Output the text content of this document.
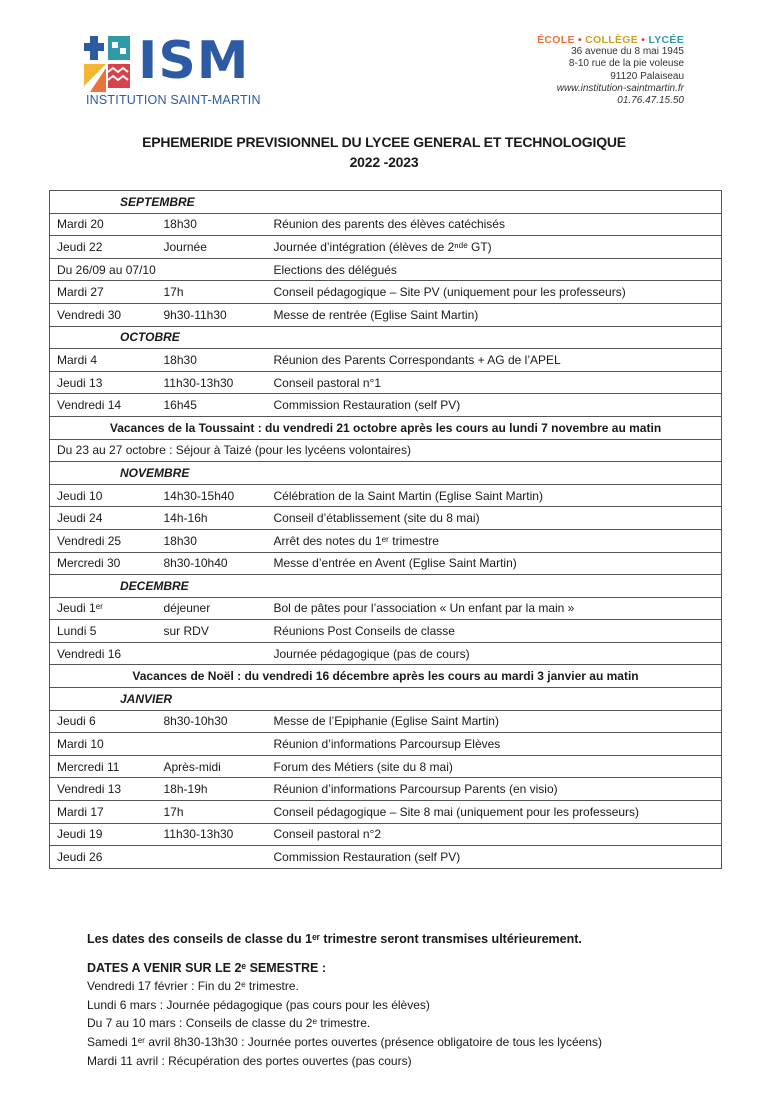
ISM
INSTITUTION SAINT-MARTIN
ÉCOLE • COLLÈGE • LYCÉE
36 avenue du 8 mai 1945
8-10 rue de la pie voleuse
91120 Palaiseau
www.institution-saintmartin.fr
01.76.47.15.50
EPHEMERIDE PREVISIONNEL DU LYCEE GENERAL ET TECHNOLOGIQUE
2022 -2023
SEPTEMBRE		
Mardi 20	18h30	Réunion des parents des élèves catéchisés
Jeudi 22	Journée	Journée d’intégration (élèves de 2ⁿᵈᵉ GT)
Du 26/09 au 07/10		Elections des délégués
Mardi 27	17h	Conseil pédagogique – Site PV (uniquement pour les professeurs)
Vendredi 30	9h30-11h30	Messe de rentrée (Eglise Saint Martin)
OCTOBRE		
Mardi 4	18h30	Réunion des Parents Correspondants + AG de l’APEL
Jeudi 13	11h30-13h30	Conseil pastoral n°1
Vendredi 14	16h45	Commission Restauration (self PV)
Vacances de la Toussaint : du vendredi 21 octobre après les cours au lundi 7 novembre au matin		
Du 23 au 27 octobre : Séjour à Taizé (pour les lycéens volontaires)		
NOVEMBRE		
Jeudi 10	14h30-15h40	Célébration de la Saint Martin (Eglise Saint Martin)
Jeudi 24	14h-16h	Conseil d’établissement (site du 8 mai)
Vendredi 25	18h30	Arrêt des notes du 1ᵉʳ trimestre
Mercredi 30	8h30-10h40	Messe d’entrée en Avent (Eglise Saint Martin)
DECEMBRE		
Jeudi 1ᵉʳ	déjeuner	Bol de pâtes pour l’association « Un enfant par la main »
Lundi 5	sur RDV	Réunions Post Conseils de classe
Vendredi 16		Journée pédagogique (pas de cours)
Vacances de Noël : du vendredi 16 décembre après les cours au mardi 3 janvier au matin		
JANVIER		
Jeudi 6	8h30-10h30	Messe de l’Epiphanie (Eglise Saint Martin)
Mardi 10		Réunion d’informations Parcoursup Elèves
Mercredi 11	Après-midi	Forum des Métiers (site du 8 mai)
Vendredi 13	18h-19h	Réunion d’informations Parcoursup Parents (en visio)
Mardi 17	17h	Conseil pédagogique – Site 8 mai (uniquement pour les professeurs)
Jeudi 19	11h30-13h30	Conseil pastoral n°2
Jeudi 26		Commission Restauration (self PV)
Les dates des conseils de classe du 1ᵉʳ trimestre seront transmises ultérieurement.
DATES A VENIR SUR LE 2ᵉ SEMESTRE :
Vendredi 17 février : Fin du 2ᵉ trimestre.
Lundi 6 mars : Journée pédagogique (pas cours pour les élèves)
Du 7 au 10 mars : Conseils de classe du 2ᵉ trimestre.
Samedi 1ᵉʳ avril 8h30-13h30 : Journée portes ouvertes (présence obligatoire de tous les lycéens)
Mardi 11 avril : Récupération des portes ouvertes (pas cours)
